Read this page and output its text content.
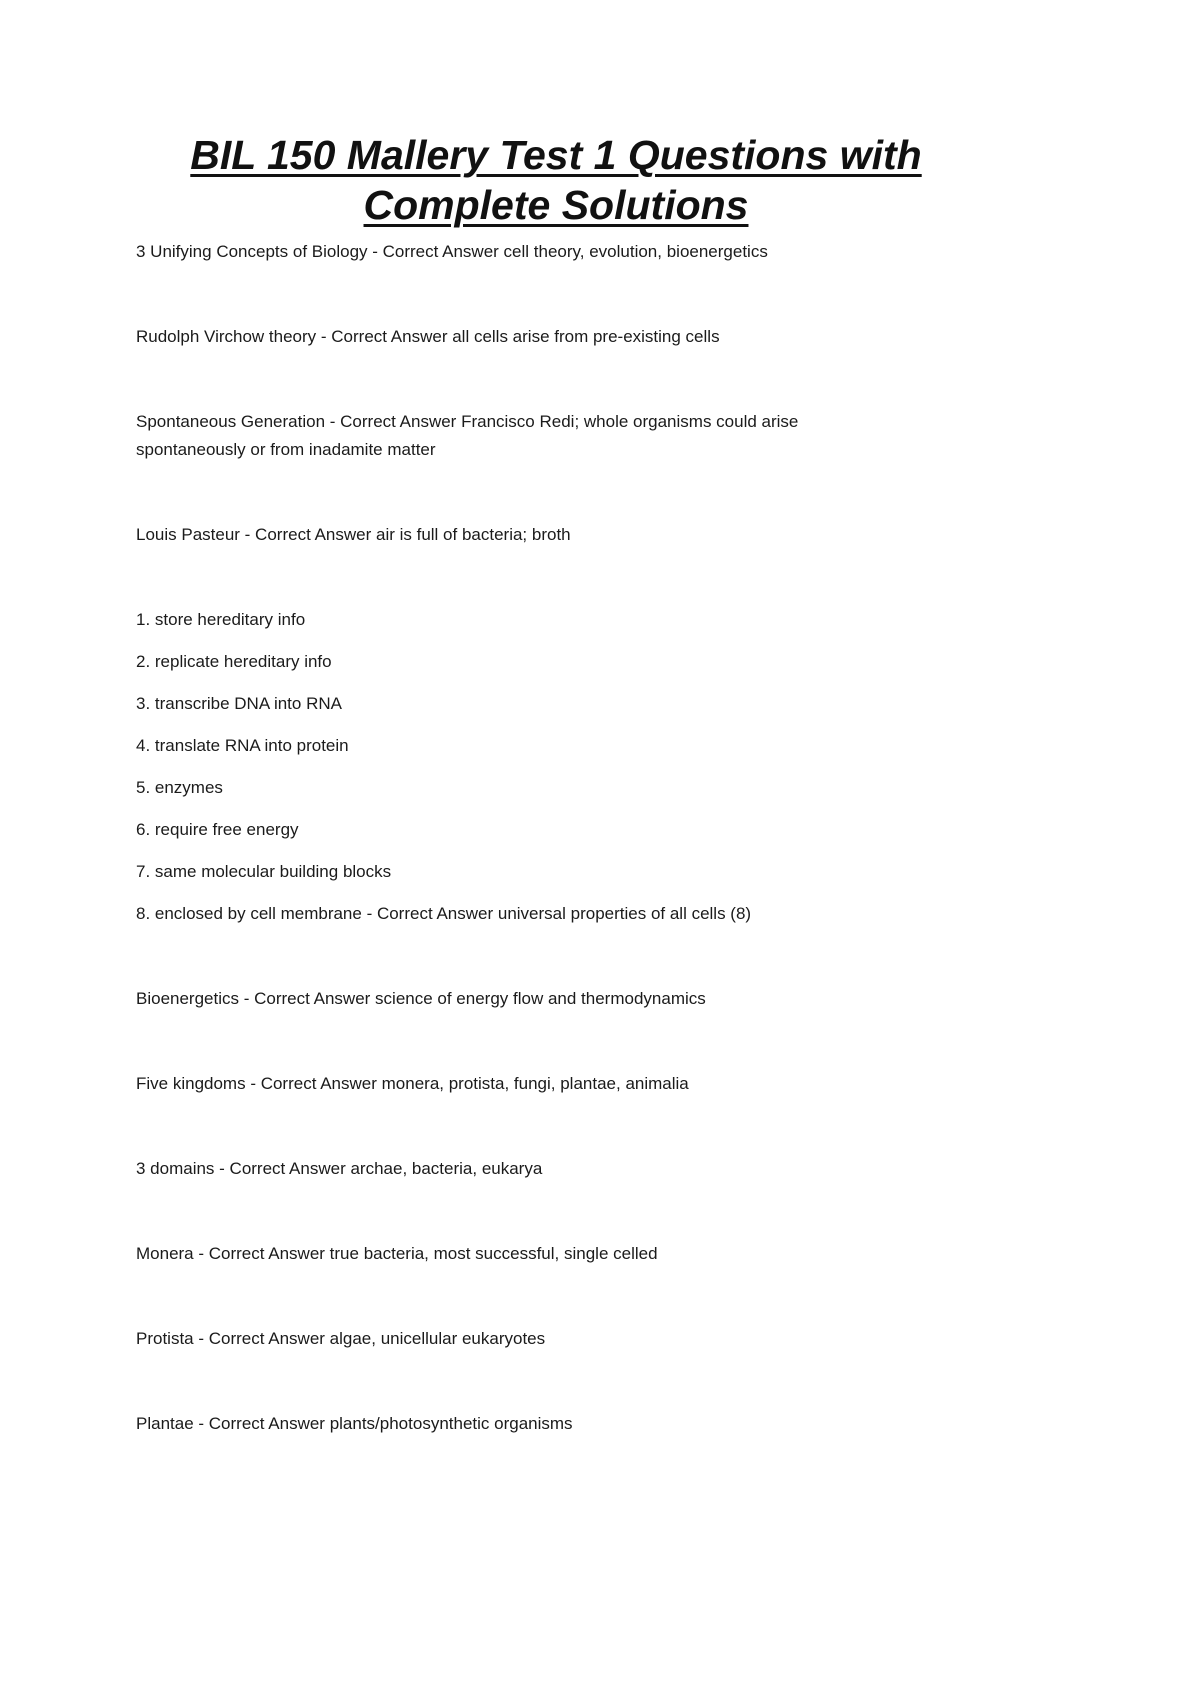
BIL 150 Mallery Test 1 Questions with
Complete Solutions

3 Unifying Concepts of Biology - Correct Answer cell theory, evolution, bioenergetics

Rudolph Virchow theory - Correct Answer all cells arise from pre-existing cells

Spontaneous Generation - Correct Answer Francisco Redi; whole organisms could arise spontaneously or from inadamite matter

Louis Pasteur - Correct Answer air is full of bacteria; broth

1. store hereditary info

2. replicate hereditary info

3. transcribe DNA into RNA

4. translate RNA into protein

5. enzymes

6. require free energy

7. same molecular building blocks

8. enclosed by cell membrane - Correct Answer universal properties of all cells (8)

Bioenergetics - Correct Answer science of energy flow and thermodynamics

Five kingdoms - Correct Answer monera, protista, fungi, plantae, animalia

3 domains - Correct Answer archae, bacteria, eukarya

Monera - Correct Answer true bacteria, most successful, single celled

Protista - Correct Answer algae, unicellular eukaryotes

Plantae - Correct Answer plants/photosynthetic organisms
